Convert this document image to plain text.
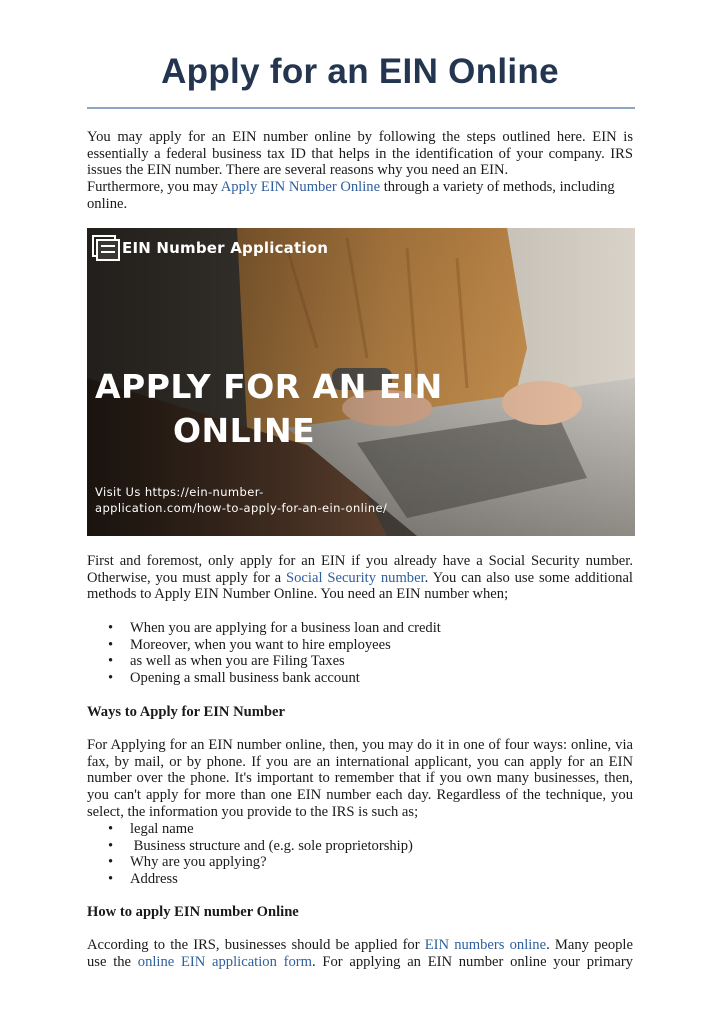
Apply for an EIN Online
You may apply for an EIN number online by following the steps outlined here. EIN is
essentially a federal business tax ID that helps in the identification of your company. IRS
issues the EIN number. There are several reasons why you need an EIN.
Furthermore, you may Apply EIN Number Online through a variety of methods, including
online.
EIN Number Application
APPLY FOR AN EIN
ONLINE
Visit Us https://ein-number-
application.com/how-to-apply-for-an-ein-online/
First and foremost, only apply for an EIN if you already have a Social Security number.
Otherwise, you must apply for a Social Security number. You can also use some additional
methods to Apply EIN Number Online. You need an EIN number when;
• When you are applying for a business loan and credit
• Moreover, when you want to hire employees
• as well as when you are Filing Taxes
• Opening a small business bank account
Ways to Apply for EIN Number
For Applying for an EIN number online, then, you may do it in one of four ways: online, via
fax, by mail, or by phone. If you are an international applicant, you can apply for an EIN
number over the phone. It's important to remember that if you own many businesses, then,
you can't apply for more than one EIN number each day. Regardless of the technique, you
select, the information you provide to the IRS is such as;
• legal name
•  Business structure and (e.g. sole proprietorship)
• Why are you applying?
• Address
How to apply EIN number Online
According to the IRS, businesses should be applied for EIN numbers online. Many people
use the online EIN application form. For applying an EIN number online your primary
